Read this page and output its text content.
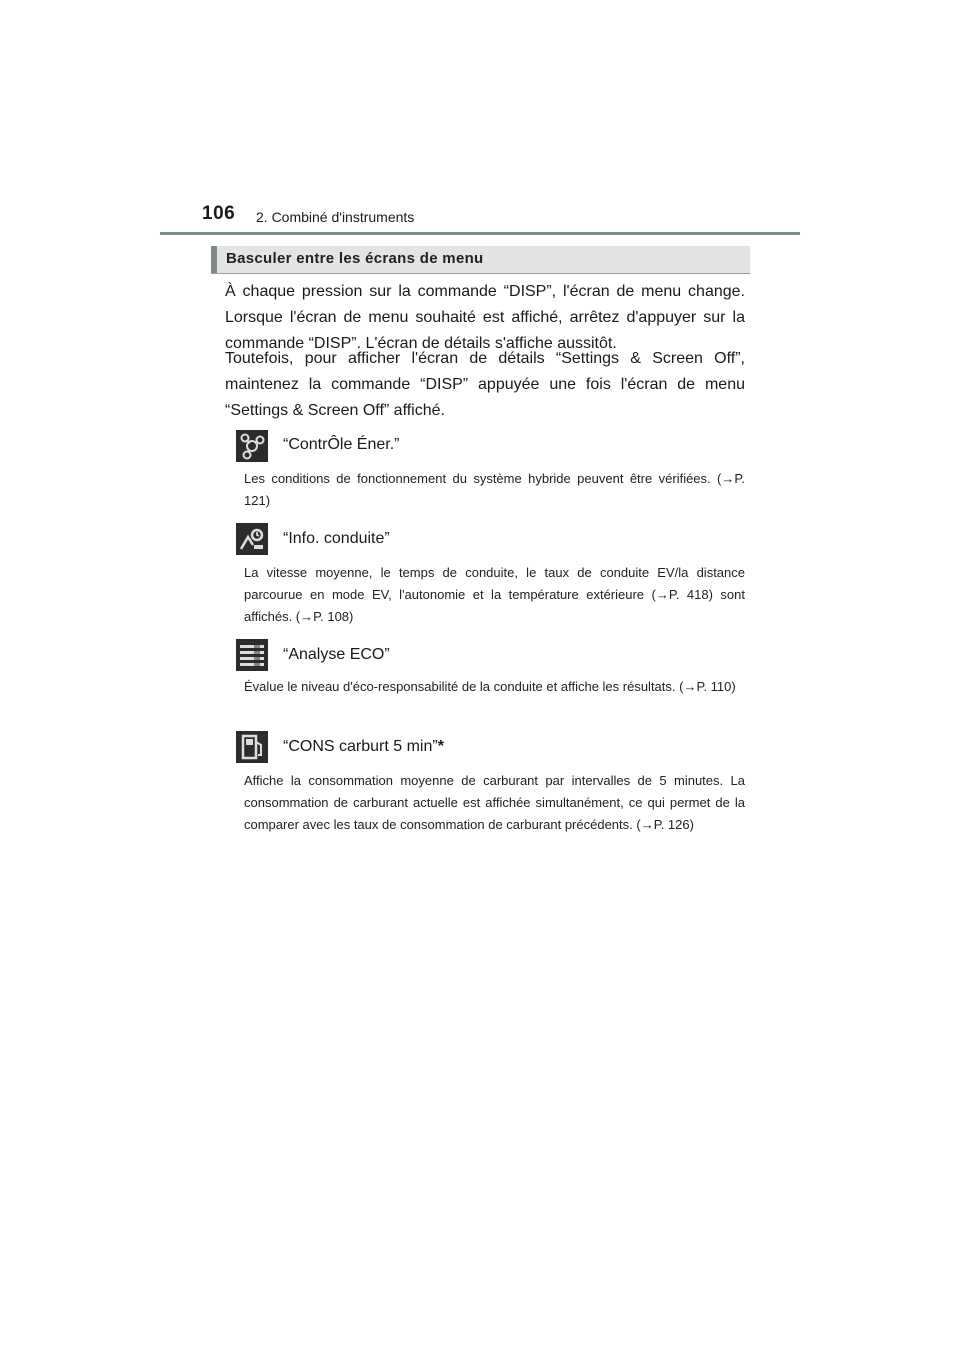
106 2. Combiné d'instruments
Basculer entre les écrans de menu

À chaque pression sur la commande “DISP”, l'écran de menu change. Lorsque l'écran de menu souhaité est affiché, arrêtez d'appuyer sur la commande “DISP”. L'écran de détails s'affiche aussitôt.

Toutefois, pour afficher l'écran de détails “Settings & Screen Off”, maintenez la commande “DISP” appuyée une fois l'écran de menu “Settings & Screen Off” affiché.

“ContrÔle Éner.”

Les conditions de fonctionnement du système hybride peuvent être vérifiées. (→P. 121)

“Info. conduite”

La vitesse moyenne, le temps de conduite, le taux de conduite EV/la distance parcourue en mode EV, l'autonomie et la température extérieure (→P. 418) sont affichés. (→P. 108)

“Analyse ECO”

Évalue le niveau d'éco-responsabilité de la conduite et affiche les résultats. (→P. 110)

“CONS carburt 5 min”*

Affiche la consommation moyenne de carburant par intervalles de 5 minutes. La consommation de carburant actuelle est affichée simultanément, ce qui permet de la comparer avec les taux de consommation de carburant précédents. (→P. 126)
